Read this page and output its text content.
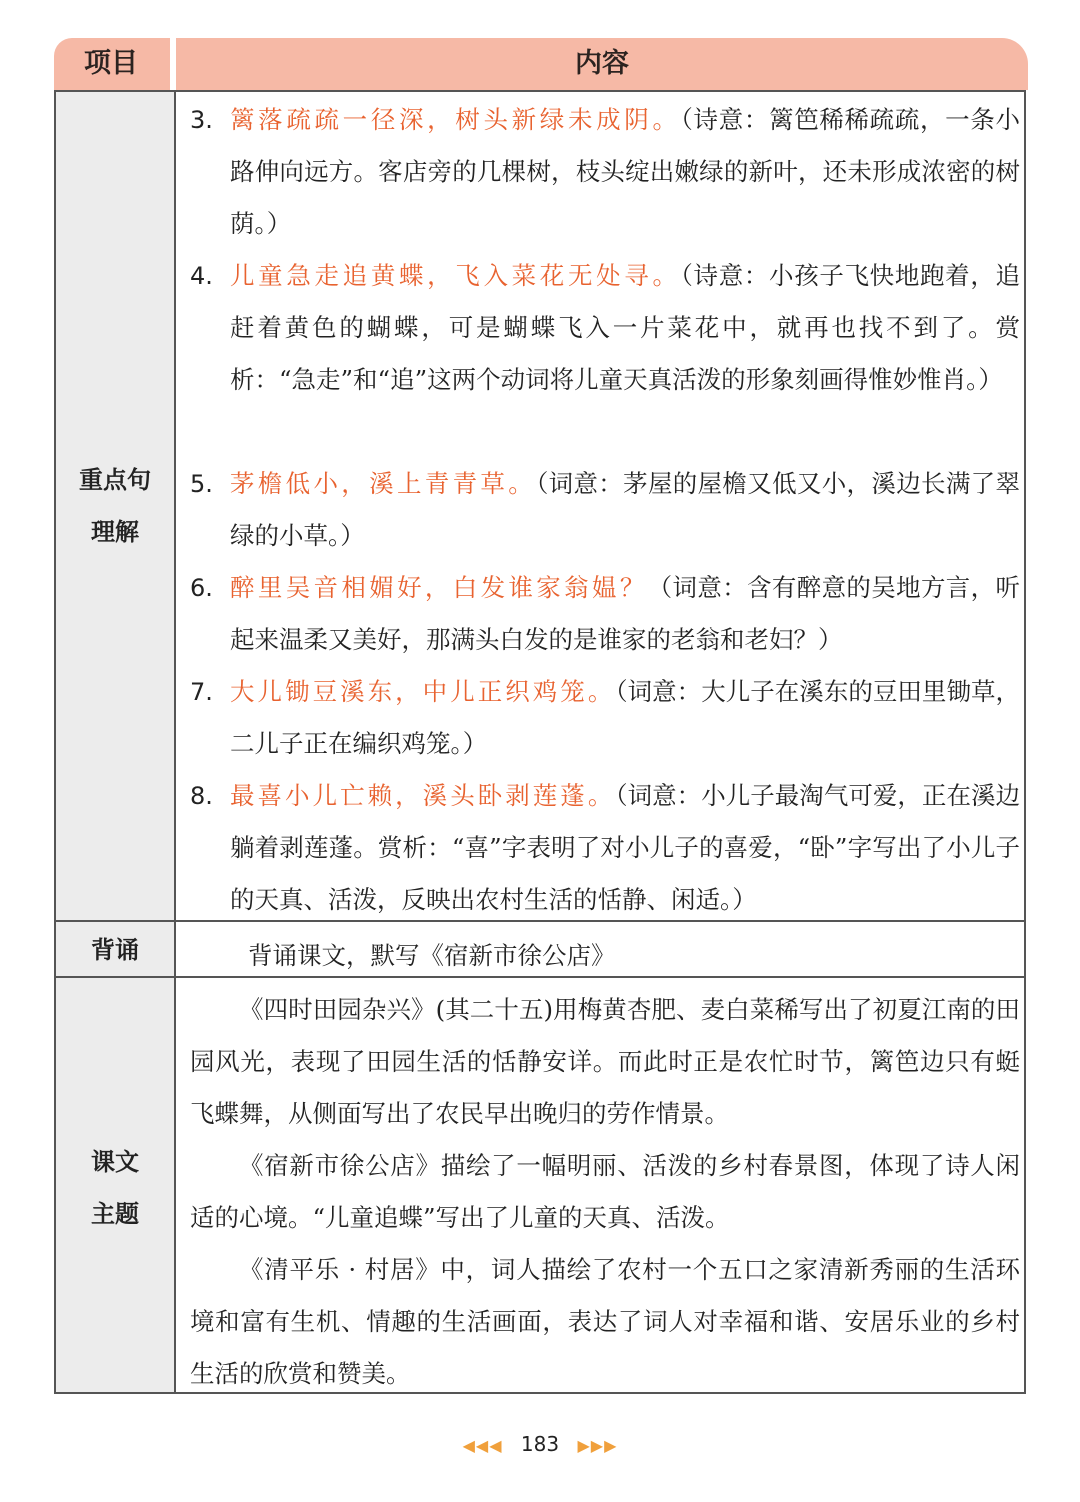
项目	内容
重点句
理解
背诵
课文
主题
3. 篱落疏疏一径深，树头新绿未成阴。（诗意：篱笆稀稀疏疏，一条小路伸向远方。客店旁的几棵树，枝头绽出嫩绿的新叶，还未形成浓密的树荫。）
4. 儿童急走追黄蝶，飞入菜花无处寻。（诗意：小孩子飞快地跑着，追赶着黄色的蝴蝶，可是蝴蝶飞入一片菜花中，就再也找不到了。赏析：“急走”和“追”这两个动词将儿童天真活泼的形象刻画得惟妙惟肖。）
5. 茅檐低小，溪上青青草。（词意：茅屋的屋檐又低又小，溪边长满了翠绿的小草。）
6. 醉里吴音相媚好，白发谁家翁媪？（词意：含有醉意的吴地方言，听起来温柔又美好，那满头白发的是谁家的老翁和老妇？）
7. 大儿锄豆溪东，中儿正织鸡笼。（词意：大儿子在溪东的豆田里锄草，二儿子正在编织鸡笼。）
8. 最喜小儿亡赖，溪头卧剥莲蓬。（词意：小儿子最淘气可爱，正在溪边躺着剥莲蓬。赏析：“喜”字表明了对小儿子的喜爱，“卧”字写出了小儿子的天真、活泼，反映出农村生活的恬静、闲适。）
背诵课文，默写《宿新市徐公店》
《四时田园杂兴》(其二十五)用梅黄杏肥、麦白菜稀写出了初夏江南的田园风光，表现了田园生活的恬静安详。而此时正是农忙时节，篱笆边只有蜓飞蝶舞，从侧面写出了农民早出晚归的劳作情景。
《宿新市徐公店》描绘了一幅明丽、活泼的乡村春景图，体现了诗人闲适的心境。“儿童追蝶”写出了儿童的天真、活泼。
《清平乐 · 村居》中，词人描绘了农村一个五口之家清新秀丽的生活环境和富有生机、情趣的生活画面，表达了词人对幸福和谐、安居乐业的乡村生活的欣赏和赞美。
◀◀◀ 183 ▶▶▶
